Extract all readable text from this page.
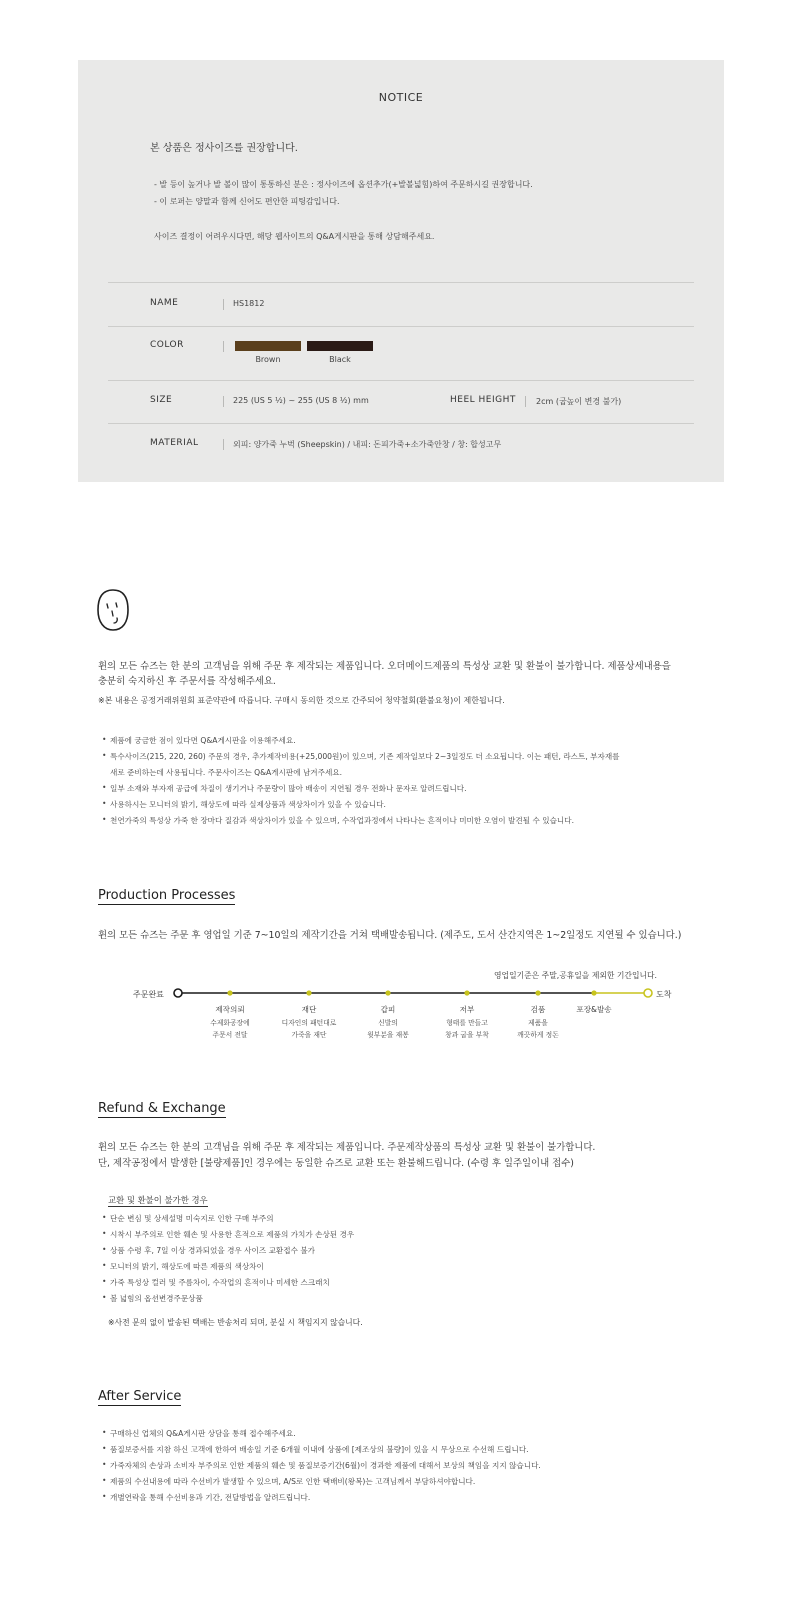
NOTICE
본 상품은 정사이즈를 권장합니다.
- 발 등이 높거나 발 볼이 많이 통통하신 분은 : 정사이즈에 옵션추가(+발볼넓힘)하여 주문하시길 권장합니다.
- 이 로퍼는 양말과 함께 신어도 편안한 피팅감입니다.
사이즈 결정이 어려우시다면, 해당 웹사이트의 Q&A게시판을 통해 상담해주세요.
NAME	HS1812
COLOR
Brown	Black
SIZE	225 (US 5 ½) ~ 255 (US 8 ½) mm	HEEL HEIGHT	2cm (굽높이 변경 불가)
MATERIAL	외피: 양가죽 누벅 (Sheepskin) / 내피: 돈피가죽+소가죽안창 / 창: 합성고무
휜의 모든 슈즈는 한 분의 고객님을 위해 주문 후 제작되는 제품입니다. 오더메이드제품의 특성상 교환 및 환불이 불가합니다. 제품상세내용을
충분히 숙지하신 후 주문서를 작성해주세요.
※본 내용은 공정거래위원회 표준약관에 따릅니다. 구매시 동의한 것으로 간주되어 청약철회(환불요청)이 제한됩니다.
• 제품에 궁금한 점이 있다면 Q&A게시판을 이용해주세요.
• 특수사이즈(215, 220, 260) 주문의 경우, 추가제작비용(+25,000원)이 있으며, 기존 제작일보다 2~3일정도 더 소요됩니다. 이는 패턴, 라스트, 부자재를
새로 준비하는데 사용됩니다. 주문사이즈는 Q&A게시판에 남겨주세요.
• 일부 소재와 부자재 공급에 차질이 생기거나 주문량이 많아 배송이 지연될 경우 전화나 문자로 알려드립니다.
• 사용하시는 모니터의 밝기, 해상도에 따라 실제상품과 색상차이가 있을 수 있습니다.
• 천연가죽의 특성상 가죽 한 장마다 질감과 색상차이가 있을 수 있으며, 수작업과정에서 나타나는 흔적이나 미미한 오염이 발견될 수 있습니다.
Production Processes
휜의 모든 슈즈는 주문 후 영업일 기준 7~10일의 제작기간을 거쳐 택배발송됩니다. (제주도, 도서 산간지역은 1~2일정도 지연될 수 있습니다.)
영업일기준은 주말,공휴일을 제외한 기간입니다.
주문완료	도착
제작의뢰
수제화공장에
주문서 전달
재단
디자인의 패턴대로
가죽을 재단
갑피
신발의
윗부분을 재봉
저부
형태를 만들고
창과 굽을 부착
검품
제품을
깨끗하게 정돈
포장&발송
Refund & Exchange
휜의 모든 슈즈는 한 분의 고객님을 위해 주문 후 제작되는 제품입니다. 주문제작상품의 특성상 교환 및 환불이 불가합니다.
단, 제작공정에서 발생한 [불량제품]인 경우에는 동일한 슈즈로 교환 또는 환불해드립니다. (수령 후 일주일이내 접수)
교환 및 환불이 불가한 경우
• 단순 변심 및 상세설명 미숙지로 인한 구매 부주의
• 시착시 부주의로 인한 훼손 및 사용한 흔적으로 제품의 가치가 손상된 경우
• 상품 수령 후, 7일 이상 경과되었을 경우 사이즈 교환접수 불가
• 모니터의 밝기, 해상도에 따른 제품의 색상차이
• 가죽 특성상 컬러 및 주름차이, 수작업의 흔적이나 미세한 스크래치
• 볼 넓힘의 옵션변경주문상품
※사전 문의 없이 발송된 택배는 반송처리 되며, 분실 시 책임지지 않습니다.
After Service
• 구매하신 업체의 Q&A게시판 상담을 통해 접수해주세요.
• 품질보증서를 지참 하신 고객에 한하여 배송일 기준 6개월 이내에 상품에 [제조상의 불량]이 있을 시 무상으로 수선해 드립니다.
• 가죽자체의 손상과 소비자 부주의로 인한 제품의 훼손 및 품질보증기간(6월)이 경과한 제품에 대해서 보상의 책임을 지지 않습니다.
• 제품의 수선내용에 따라 수선비가 발생할 수 있으며, A/S로 인한 택배비(왕복)는 고객님께서 부담하셔야합니다.
• 개별연락을 통해 수선비용과 기간, 전달방법을 알려드립니다.
